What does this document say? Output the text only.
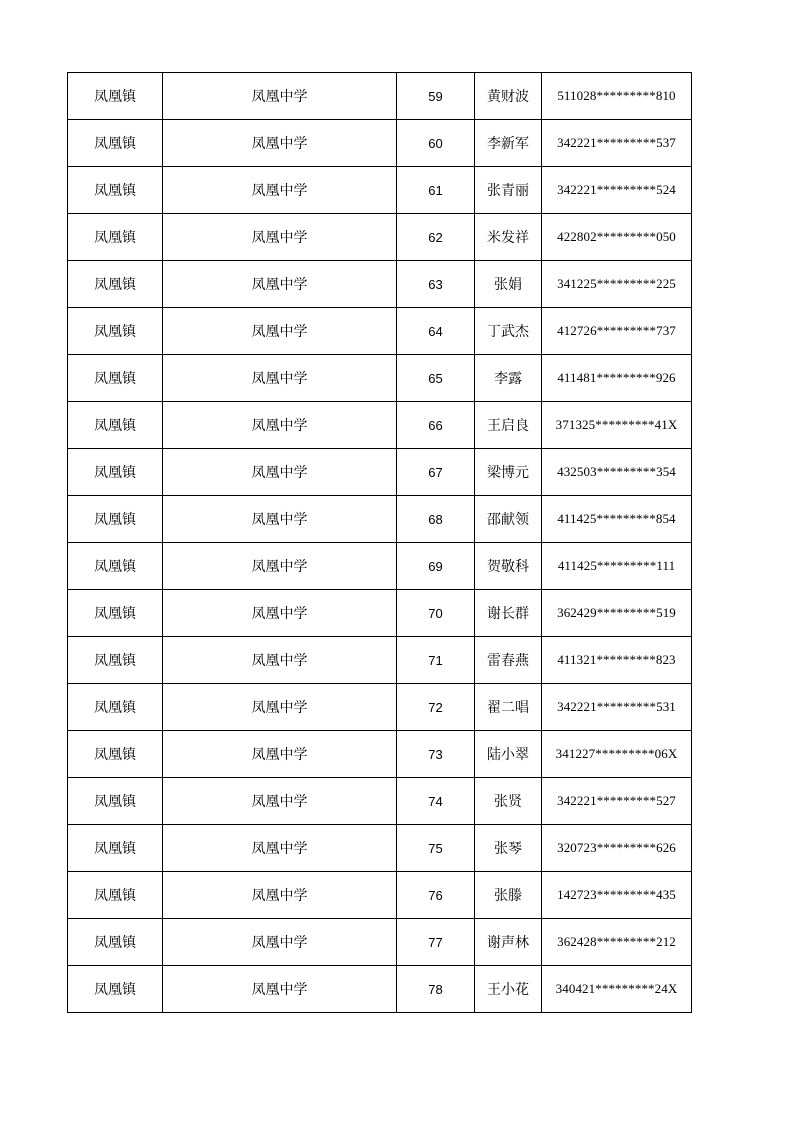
凤凰镇	凤凰中学	59	黄财波	511028*********810
凤凰镇	凤凰中学	60	李新军	342221*********537
凤凰镇	凤凰中学	61	张青丽	342221*********524
凤凰镇	凤凰中学	62	米发祥	422802*********050
凤凰镇	凤凰中学	63	张娟	341225*********225
凤凰镇	凤凰中学	64	丁武杰	412726*********737
凤凰镇	凤凰中学	65	李露	411481*********926
凤凰镇	凤凰中学	66	王启良	371325*********41X
凤凰镇	凤凰中学	67	梁博元	432503*********354
凤凰镇	凤凰中学	68	邵献领	411425*********854
凤凰镇	凤凰中学	69	贺敬科	411425*********111
凤凰镇	凤凰中学	70	谢长群	362429*********519
凤凰镇	凤凰中学	71	雷春燕	411321*********823
凤凰镇	凤凰中学	72	翟二唱	342221*********531
凤凰镇	凤凰中学	73	陆小翠	341227*********06X
凤凰镇	凤凰中学	74	张贤	342221*********527
凤凰镇	凤凰中学	75	张琴	320723*********626
凤凰镇	凤凰中学	76	张滕	142723*********435
凤凰镇	凤凰中学	77	谢声林	362428*********212
凤凰镇	凤凰中学	78	王小花	340421*********24X
